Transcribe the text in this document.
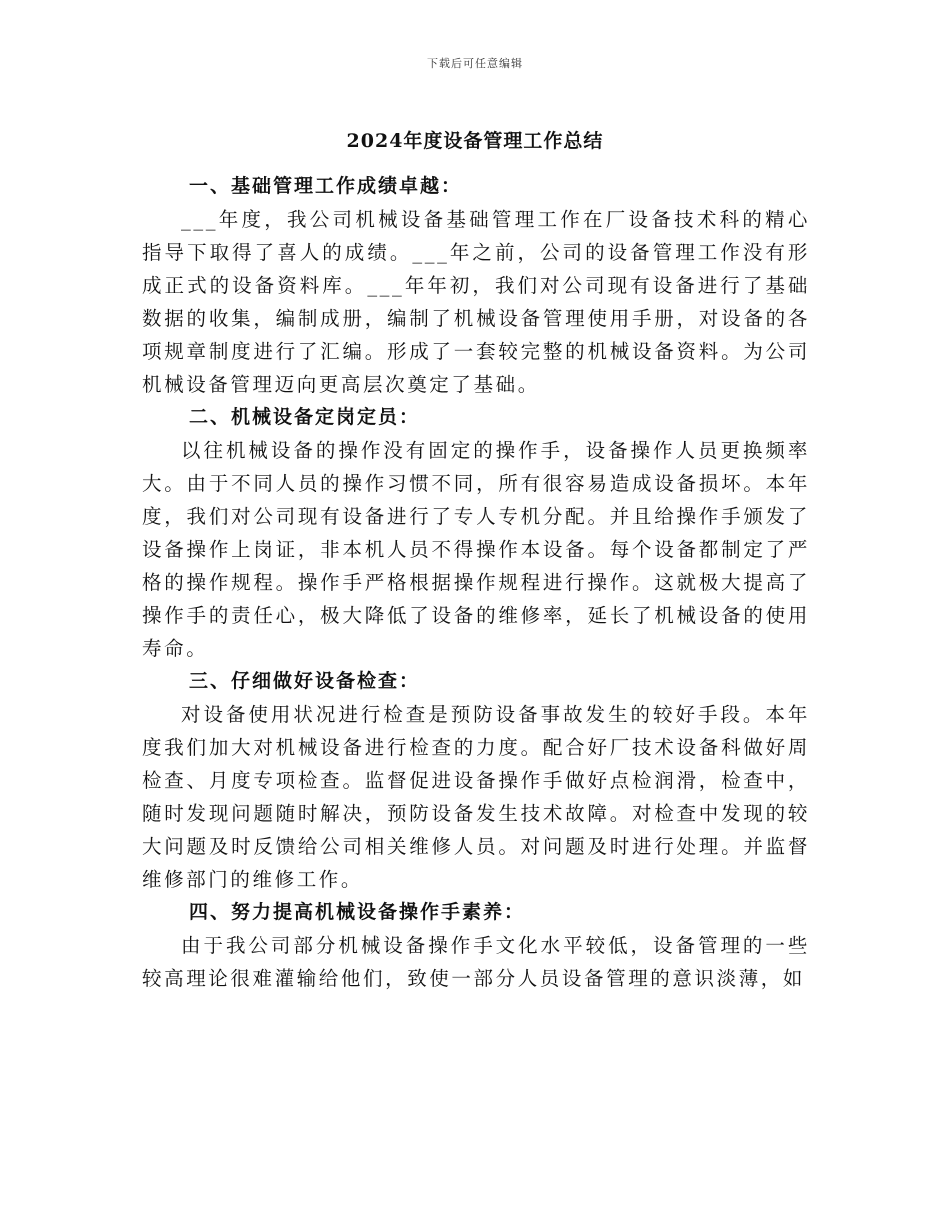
下载后可任意编辑
2024年度设备管理工作总结

一、基础管理工作成绩卓越：

___年度，我公司机械设备基础管理工作在厂设备技术科的精心指导下取得了喜人的成绩。___年之前，公司的设备管理工作没有形成正式的设备资料库。___年年初，我们对公司现有设备进行了基础数据的收集，编制成册，编制了机械设备管理使用手册，对设备的各项规章制度进行了汇编。形成了一套较完整的机械设备资料。为公司机械设备管理迈向更高层次奠定了基础。

二、机械设备定岗定员：

以往机械设备的操作没有固定的操作手，设备操作人员更换频率大。由于不同人员的操作习惯不同，所有很容易造成设备损坏。本年度，我们对公司现有设备进行了专人专机分配。并且给操作手颁发了设备操作上岗证，非本机人员不得操作本设备。每个设备都制定了严格的操作规程。操作手严格根据操作规程进行操作。这就极大提高了操作手的责任心，极大降低了设备的维修率，延长了机械设备的使用寿命。

三、仔细做好设备检查：

对设备使用状况进行检查是预防设备事故发生的较好手段。本年度我们加大对机械设备进行检查的力度。配合好厂技术设备科做好周检查、月度专项检查。监督促进设备操作手做好点检润滑，检查中，随时发现问题随时解决，预防设备发生技术故障。对检查中发现的较大问题及时反馈给公司相关维修人员。对问题及时进行处理。并监督维修部门的维修工作。

四、努力提高机械设备操作手素养：

由于我公司部分机械设备操作手文化水平较低，设备管理的一些较高理论很难灌输给他们，致使一部分人员设备管理的意识淡薄，如
